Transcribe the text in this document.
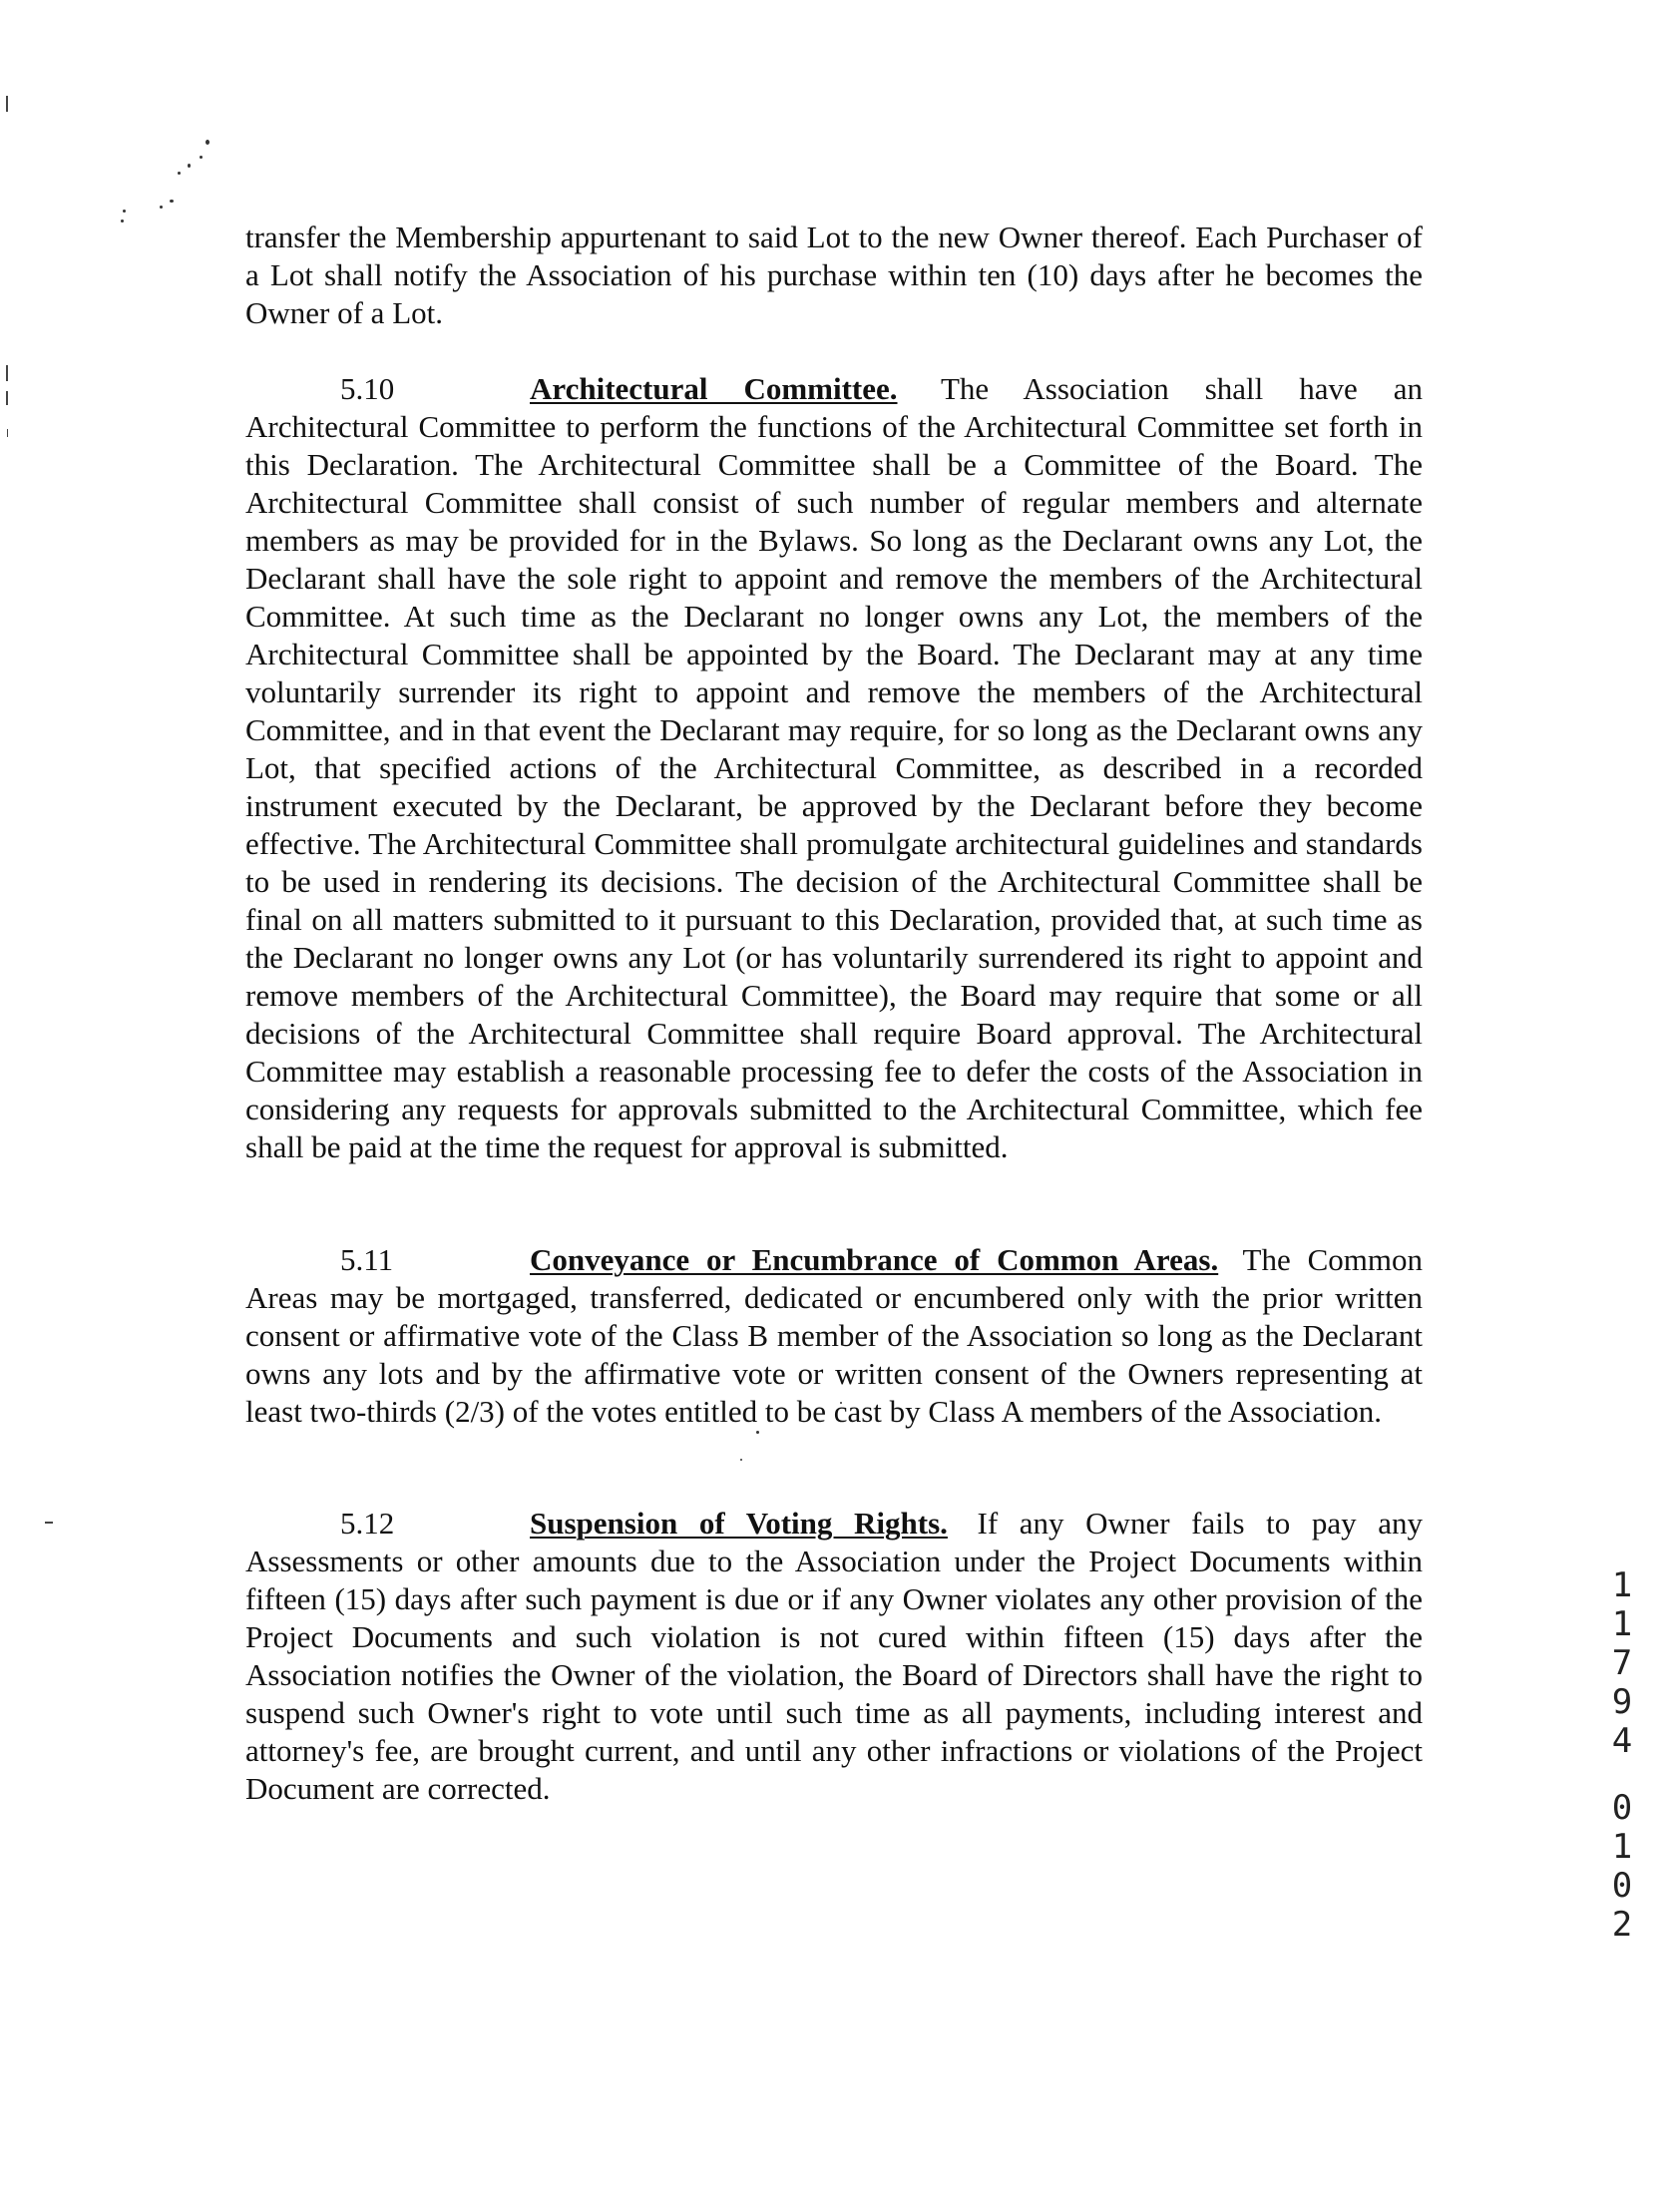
transfer the Membership appurtenant to said Lot to the new Owner thereof. Each Purchaser of a Lot shall notify the Association of his purchase within ten (10) days after he becomes the Owner of a Lot.

5.10	Architectural Committee. The Association shall have an Architectural Committee to perform the functions of the Architectural Committee set forth in this Declaration. The Architectural Committee shall be a Committee of the Board. The Architectural Committee shall consist of such number of regular members and alternate members as may be provided for in the Bylaws. So long as the Declarant owns any Lot, the Declarant shall have the sole right to appoint and remove the members of the Architectural Committee. At such time as the Declarant no longer owns any Lot, the members of the Architectural Committee shall be appointed by the Board. The Declarant may at any time voluntarily surrender its right to appoint and remove the members of the Architectural Committee, and in that event the Declarant may require, for so long as the Declarant owns any Lot, that specified actions of the Architectural Committee, as described in a recorded instrument executed by the Declarant, be approved by the Declarant before they become effective. The Architectural Committee shall promulgate architectural guidelines and standards to be used in rendering its decisions. The decision of the Architectural Committee shall be final on all matters submitted to it pursuant to this Declaration, provided that, at such time as the Declarant no longer owns any Lot (or has voluntarily surrendered its right to appoint and remove members of the Architectural Committee), the Board may require that some or all decisions of the Architectural Committee shall require Board approval. The Architectural Committee may establish a reasonable processing fee to defer the costs of the Association in considering any requests for approvals submitted to the Architectural Committee, which fee shall be paid at the time the request for approval is submitted.

5.11	Conveyance or Encumbrance of Common Areas. The Common Areas may be mortgaged, transferred, dedicated or encumbered only with the prior written consent or affirmative vote of the Class B member of the Association so long as the Declarant owns any lots and by the affirmative vote or written consent of the Owners representing at least two-thirds (2/3) of the votes entitled to be cast by Class A members of the Association.

5.12	Suspension of Voting Rights. If any Owner fails to pay any Assessments or other amounts due to the Association under the Project Documents within fifteen (15) days after such payment is due or if any Owner violates any other provision of the Project Documents and such violation is not cured within fifteen (15) days after the Association notifies the Owner of the violation, the Board of Directors shall have the right to suspend such Owner's right to vote until such time as all payments, including interest and attorney's fee, are brought current, and until any other infractions or violations of the Project Document are corrected.

1
1
7
9
4
0
1
0
2
